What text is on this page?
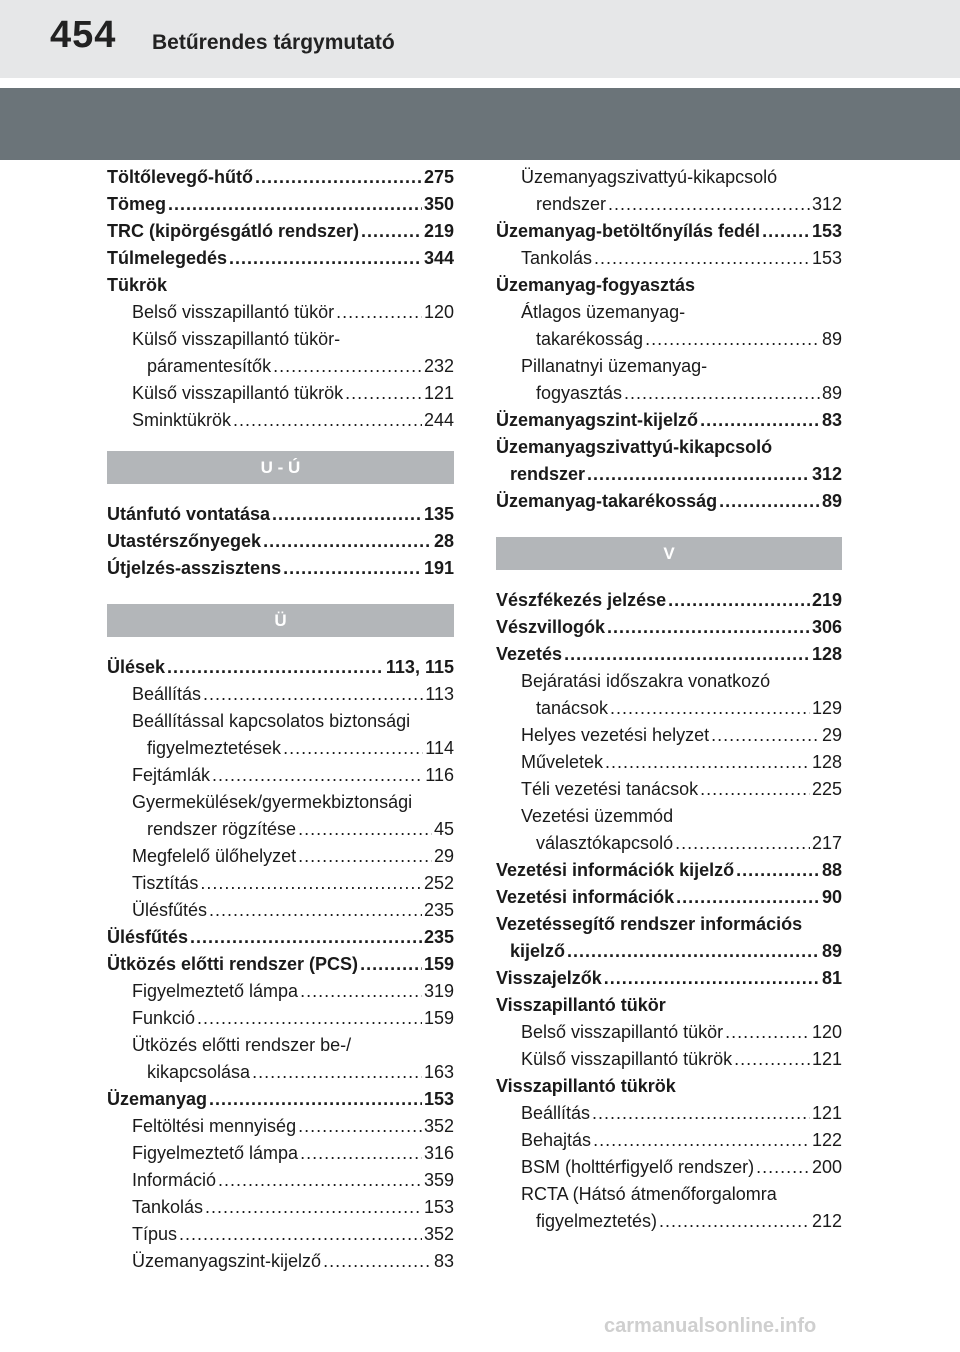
454 Betűrendes tárgymutató
Töltőlevegő-hűtő .....	275
Tömeg .....	350
TRC (kipörgésgátló rendszer) .....	219
Túlmelegedés .....	344
Tükrök
Belső visszapillantó tükör .....	120
Külső visszapillantó tükör-
páramentesítők .....	232
Külső visszapillantó tükrök .....	121
Sminktükrök .....	244
U - Ú
Utánfutó vontatása .....	135
Utastérszőnyegek .....	28
Útjelzés-asszisztens .....	191
Ü
Ülések .....	113, 115
Beállítás .....	113
Beállítással kapcsolatos biztonsági
figyelmeztetések .....	114
Fejtámlák .....	116
Gyermekülések/gyermekbiztonsági
rendszer rögzítése .....	45
Megfelelő ülőhelyzet .....	29
Tisztítás .....	252
Ülésfűtés .....	235
Ülésfűtés .....	235
Ütközés előtti rendszer (PCS) .....	159
Figyelmeztető lámpa .....	319
Funkció .....	159
Ütközés előtti rendszer be-/
kikapcsolása .....	163
Üzemanyag .....	153
Feltöltési mennyiség .....	352
Figyelmeztető lámpa .....	316
Információ .....	359
Tankolás .....	153
Típus .....	352
Üzemanyagszint-kijelző .....	83
Üzemanyagszivattyú-kikapcsoló
rendszer .....	312
Üzemanyag-betöltőnyílás fedél .....	153
Tankolás .....	153
Üzemanyag-fogyasztás
Átlagos üzemanyag-
takarékosság .....	89
Pillanatnyi üzemanyag-
fogyasztás .....	89
Üzemanyagszint-kijelző .....	83
Üzemanyagszivattyú-kikapcsoló
rendszer .....	312
Üzemanyag-takarékosság .....	89
V
Vészfékezés jelzése .....	219
Vészvillogók .....	306
Vezetés .....	128
Bejáratási időszakra vonatkozó
tanácsok .....	129
Helyes vezetési helyzet .....	29
Műveletek .....	128
Téli vezetési tanácsok .....	225
Vezetési üzemmód
választókapcsoló .....	217
Vezetési információk kijelző .....	88
Vezetési információk .....	90
Vezetéssegítő rendszer információs
kijelző .....	89
Visszajelzők .....	81
Visszapillantó tükör
Belső visszapillantó tükör .....	120
Külső visszapillantó tükrök .....	121
Visszapillantó tükrök
Beállítás .....	121
Behajtás .....	122
BSM (holttérfigyelő rendszer) .....	200
RCTA (Hátsó átmenőforgalomra
figyelmeztetés) .....	212
carmanualsonline.info
